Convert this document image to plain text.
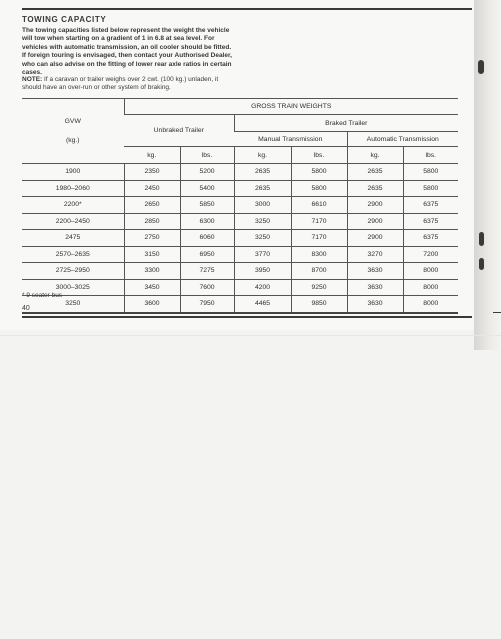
TOWING CAPACITY
The towing capacities listed below represent the weight the vehicle
will tow when starting on a gradient of 1 in 6.8 at sea level. For
vehicles with automatic transmission, an oil cooler should be fitted.
If foreign touring is envisaged, then contact your Authorised Dealer,
who can also advise on the fitting of lower rear axle ratios in certain
cases.
NOTE: If a caravan or trailer weighs over 2 cwt. (100 kg.) unladen, it
should have an over-run or other system of braking.
GVW
(kg.)	GROSS TRAIN WEIGHTS					
	Unbraked Trailer		Braked Trailer			
			Manual Transmission		Automatic Transmission	
	kg.	lbs.	kg.	lbs.	kg.	lbs.
1900	2350	5200	2635	5800	2635	5800
1980–2060	2450	5400	2635	5800	2635	5800
2200*	2650	5850	3000	6610	2900	6375
2200–2450	2850	6300	3250	7170	2900	6375
2475	2750	6060	3250	7170	2900	6375
2570–2635	3150	6950	3770	8300	3270	7200
2725–2950	3300	7275	3950	8700	3630	8000
3000–3025	3450	7600	4200	9250	3630	8000
3250	3600	7950	4465	9850	3630	8000
* 9 seater bus
40
